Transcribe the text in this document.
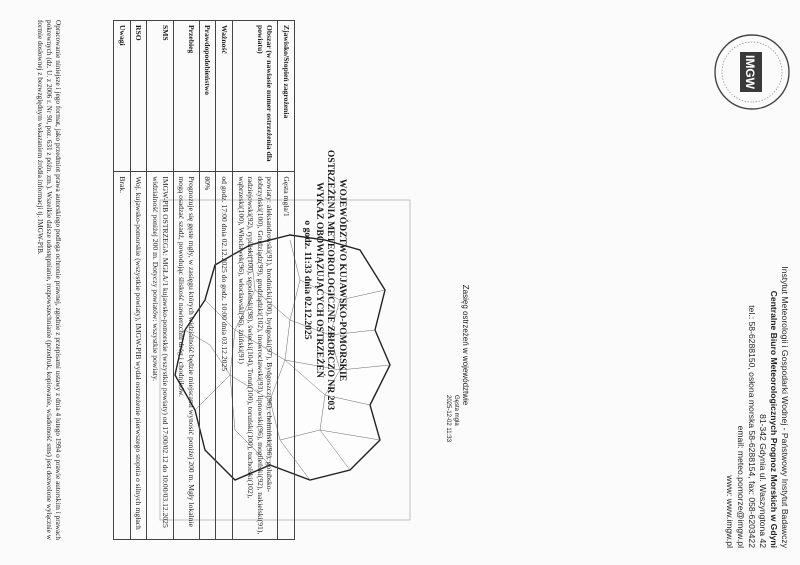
IMGW
Instytut Meteorologii i Gospodarki Wodnej - Państwowy Instytut Badawczy
Centralne Biuro Meteorologicznych Prognoz Morskich w Gdyni
81-342 Gdynia ul. Waszyngtona 42
tel.: 58-6288150, osłona morska 58-6288154, fax: 058-6203422
email: meteo.pomorze@imgw.pl
www: www.imgw.pl
Zasięg ostrzeżeń w województwie
Gęsta mgła
2025-12-02 11:33
WOJEWÓDZTWO KUJAWSKO-POMORSKIE
OSTRZEŻENIA METEOROLOGICZNE ZBIORCZO NR 203
WYKAZ OBOWIĄZUJĄCYCH OSTRZEŻEŃ
o godz. 11:33 dnia 02.12.2025
Zjawisko/Stopień zagrożenia	Gęsta mgła/1
Obszar (w nawiasie numer ostrzeżenia dla powiatu)	powiaty: aleksandrowski(91), brodnicki(100), bydgoski(97), Bydgoszcz(96), chełmiński(96), golubsko-dobrzyński(100), Grudziądz(99), grudziądzki(102), inowrocławski(93), lipnowski(96), mogileński(92), nakielski(91), radziejowski(92), rypiński(100), sępoleński(98), świecki(104), Toruń(100), toruński(100), tucholski(102), wąbrzeski(100), Włocławek(96), włocławski(96), żniński(91)
Ważność	od godz. 17:00 dnia 02.12.2025 do godz. 10:00 dnia 03.12.2025
Prawdopodobieństwo	80%
Przebieg	Prognozuje się gęste mgły, w zasięgu których widzialność będzie miejscami wynosić poniżej 200 m. Mgły lokalnie mogą osadzać szadź, powodując śliskość nawierzchni dróg i chodników.
SMS	IMGW-PIB OSTRZEGA: MGŁA/1 kujawsko-pomorskie (wszystkie powiaty) od 17:00/02.12 do 10:00/03.12.2025 widzialność poniżej 200 m. Dotyczy powiatów: wszystkie powiaty.
RSO	Woj. kujawsko-pomorskie (wszystkie powiaty), IMGW-PIB wydał ostrzeżenie pierwszego stopnia o silnych mgłach
Uwagi	Brak.
Opracowanie niniejsze i jego format, jako przedmiot prawa autorskiego podlega ochronie prawnej, zgodnie z przepisami ustawy z dnia 4 lutego 1994 o prawie autorskim i prawach pokrewnych (dz. U. z 2006 r. Nr 90, poz. 631 z późn. zm.). Wszelkie dalsze udostępnianie, rozpowszechnianie (przedruk, kopiowanie, wiadomość sms) jest dozwolone wyłącznie w formie dosłownej z bezwzględnym wskazaniem źródła informacji tj. IMGW-PIB.
